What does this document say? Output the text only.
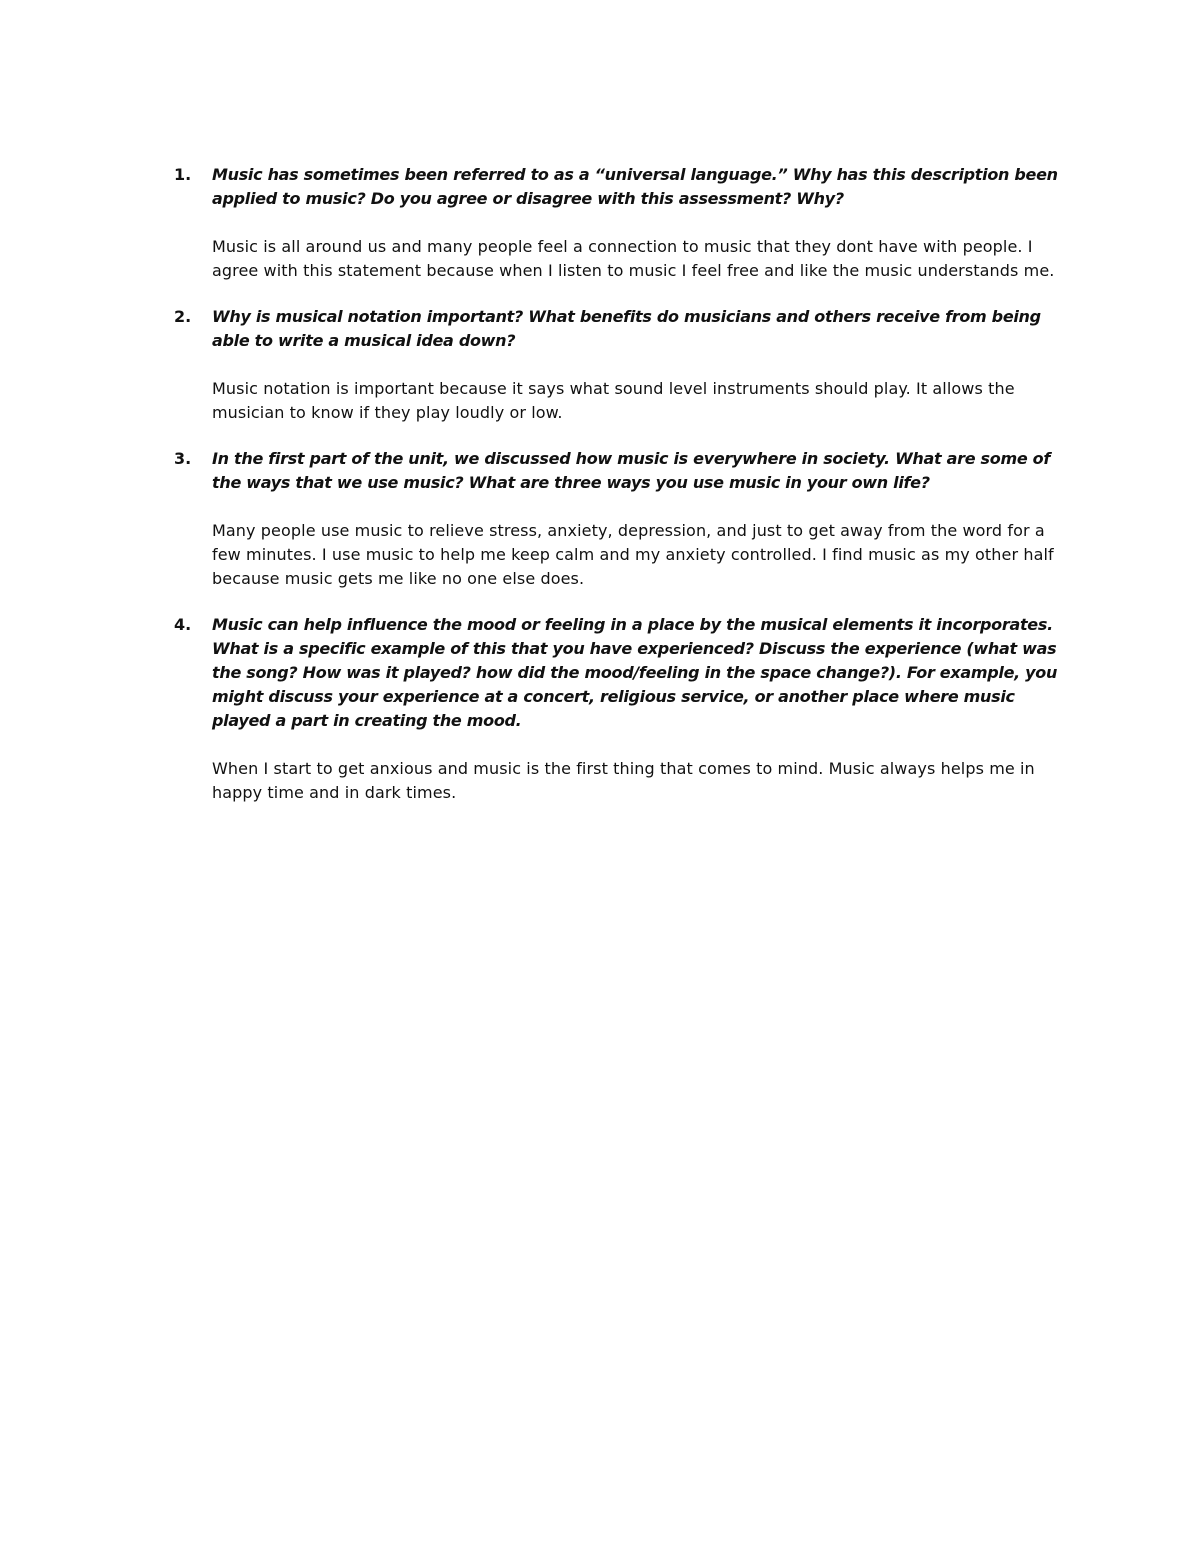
1. Music has sometimes been referred to as a “universal language.” Why has this description been applied to music? Do you agree or disagree with this assessment? Why?
Music is all around us and many people feel a connection to music that they dont have with people. I agree with this statement because when I listen to music I feel free and like the music understands me.
2. Why is musical notation important? What benefits do musicians and others receive from being able to write a musical idea down?
Music notation is important because it says what sound level instruments should play. It allows the musician to know if they play loudly or low.
3. In the first part of the unit, we discussed how music is everywhere in society. What are some of the ways that we use music? What are three ways you use music in your own life?
Many people use music to relieve stress, anxiety, depression, and just to get away from the word for a few minutes. I use music to help me keep calm and my anxiety controlled. I find music as my other half because music gets me like no one else does.
4. Music can help influence the mood or feeling in a place by the musical elements it incorporates. What is a specific example of this that you have experienced? Discuss the experience (what was the song? How was it played? how did the mood/feeling in the space change?). For example, you might discuss your experience at a concert, religious service, or another place where music played a part in creating the mood.
When I start to get anxious and music is the first thing that comes to mind. Music always helps me in happy time and in dark times.
